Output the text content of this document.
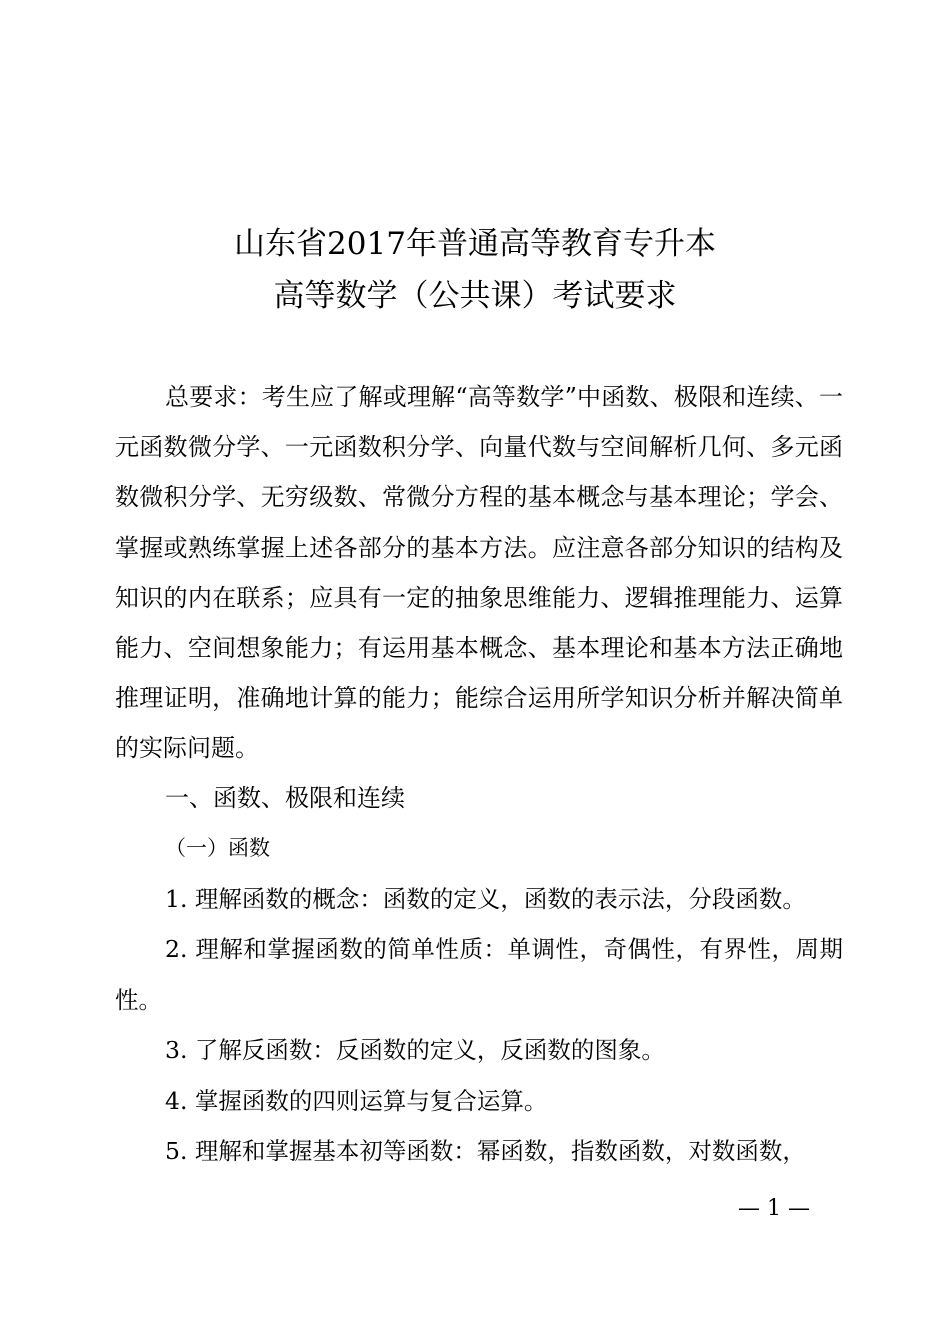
山东省2017年普通高等教育专升本
高等数学（公共课）考试要求

总要求：考生应了解或理解“高等数学”中函数、极限和连续、一元函数微分学、一元函数积分学、向量代数与空间解析几何、多元函数微积分学、无穷级数、常微分方程的基本概念与基本理论；学会、掌握或熟练掌握上述各部分的基本方法。应注意各部分知识的结构及知识的内在联系；应具有一定的抽象思维能力、逻辑推理能力、运算能力、空间想象能力；有运用基本概念、基本理论和基本方法正确地推理证明，准确地计算的能力；能综合运用所学知识分析并解决简单的实际问题。

一、函数、极限和连续

（一）函数

1. 理解函数的概念：函数的定义，函数的表示法，分段函数。

2. 理解和掌握函数的简单性质：单调性，奇偶性，有界性，周期性。

3. 了解反函数：反函数的定义，反函数的图象。

4. 掌握函数的四则运算与复合运算。

5. 理解和掌握基本初等函数：幂函数，指数函数，对数函数，

— 1 —
